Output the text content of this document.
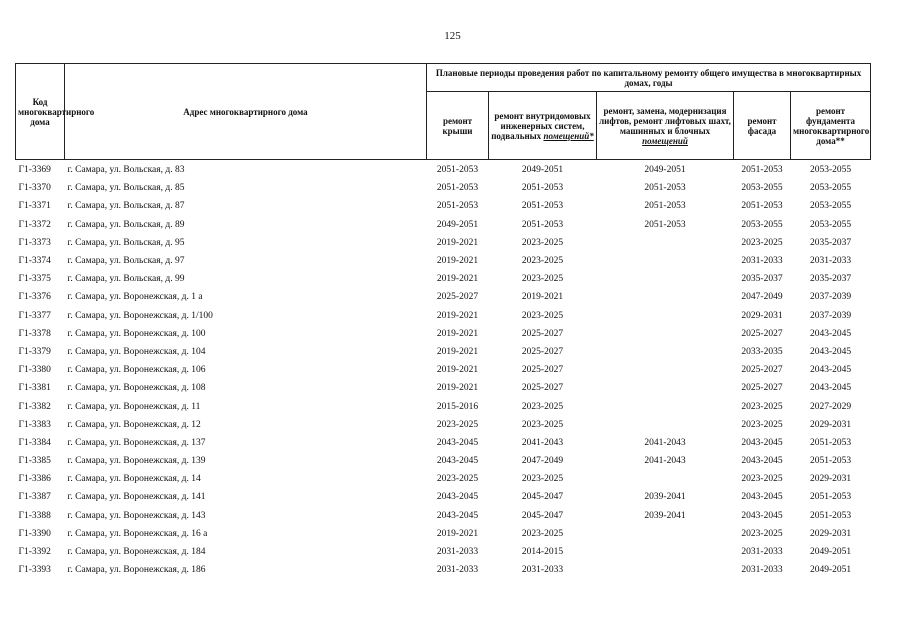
125
Код многоквартирного дома	Адрес многоквартирного дома	Плановые периоды проведения работ по капитальному ремонту общего имущества в многоквартирных домах, годы				
		ремонт крыши	ремонт внутридомовых инженерных систем, подвальных помещений*	ремонт, замена, модернизация лифтов, ремонт лифтовых шахт, машинных и блочных помещений	ремонт фасада	ремонт фундамента многоквартирного дома**
Г1-3369	г. Самара, ул. Вольская, д. 83	2051-2053	2049-2051	2049-2051	2051-2053	2053-2055
Г1-3370	г. Самара, ул. Вольская, д. 85	2051-2053	2051-2053	2051-2053	2053-2055	2053-2055
Г1-3371	г. Самара, ул. Вольская, д. 87	2051-2053	2051-2053	2051-2053	2051-2053	2053-2055
Г1-3372	г. Самара, ул. Вольская, д. 89	2049-2051	2051-2053	2051-2053	2053-2055	2053-2055
Г1-3373	г. Самара, ул. Вольская, д. 95	2019-2021	2023-2025		2023-2025	2035-2037
Г1-3374	г. Самара, ул. Вольская, д. 97	2019-2021	2023-2025		2031-2033	2031-2033
Г1-3375	г. Самара, ул. Вольская, д. 99	2019-2021	2023-2025		2035-2037	2035-2037
Г1-3376	г. Самара, ул. Воронежская, д. 1 а	2025-2027	2019-2021		2047-2049	2037-2039
Г1-3377	г. Самара, ул. Воронежская, д. 1/100	2019-2021	2023-2025		2029-2031	2037-2039
Г1-3378	г. Самара, ул. Воронежская, д. 100	2019-2021	2025-2027		2025-2027	2043-2045
Г1-3379	г. Самара, ул. Воронежская, д. 104	2019-2021	2025-2027		2033-2035	2043-2045
Г1-3380	г. Самара, ул. Воронежская, д. 106	2019-2021	2025-2027		2025-2027	2043-2045
Г1-3381	г. Самара, ул. Воронежская, д. 108	2019-2021	2025-2027		2025-2027	2043-2045
Г1-3382	г. Самара, ул. Воронежская, д. 11	2015-2016	2023-2025		2023-2025	2027-2029
Г1-3383	г. Самара, ул. Воронежская, д. 12	2023-2025	2023-2025		2023-2025	2029-2031
Г1-3384	г. Самара, ул. Воронежская, д. 137	2043-2045	2041-2043	2041-2043	2043-2045	2051-2053
Г1-3385	г. Самара, ул. Воронежская, д. 139	2043-2045	2047-2049	2041-2043	2043-2045	2051-2053
Г1-3386	г. Самара, ул. Воронежская, д. 14	2023-2025	2023-2025		2023-2025	2029-2031
Г1-3387	г. Самара, ул. Воронежская, д. 141	2043-2045	2045-2047	2039-2041	2043-2045	2051-2053
Г1-3388	г. Самара, ул. Воронежская, д. 143	2043-2045	2045-2047	2039-2041	2043-2045	2051-2053
Г1-3390	г. Самара, ул. Воронежская, д. 16 а	2019-2021	2023-2025		2023-2025	2029-2031
Г1-3392	г. Самара, ул. Воронежская, д. 184	2031-2033	2014-2015		2031-2033	2049-2051
Г1-3393	г. Самара, ул. Воронежская, д. 186	2031-2033	2031-2033		2031-2033	2049-2051
